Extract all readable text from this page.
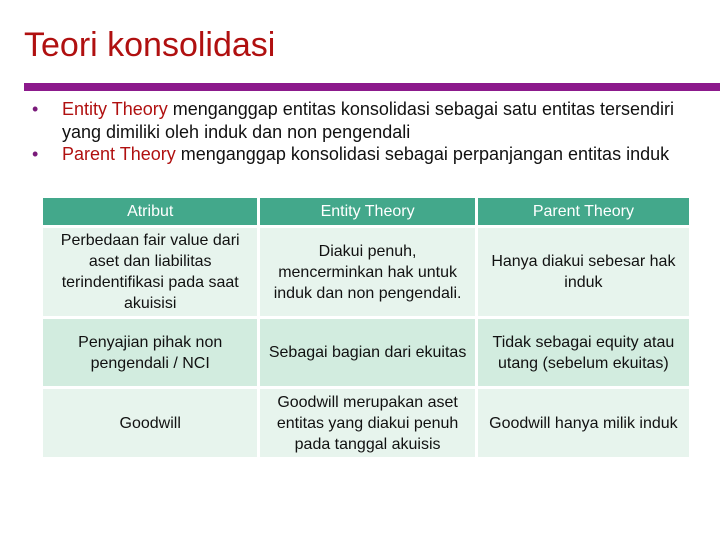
Teori konsolidasi
•	Entity Theory menganggap entitas konsolidasi sebagai satu entitas tersendiri yang dimiliki oleh induk dan non pengendali
•	Parent Theory menganggap konsolidasi sebagai perpanjangan entitas induk
Atribut	Entity Theory	Parent Theory
Perbedaan fair value dari aset dan liabilitas terindentifikasi pada saat akuisisi	Diakui penuh, mencerminkan hak untuk induk dan non pengendali.	Hanya diakui sebesar hak induk
Penyajian pihak non pengendali / NCI	Sebagai bagian dari ekuitas	Tidak sebagai equity atau utang (sebelum ekuitas)
Goodwill	Goodwill merupakan aset entitas yang diakui penuh pada tanggal akuisis	Goodwill hanya milik induk
